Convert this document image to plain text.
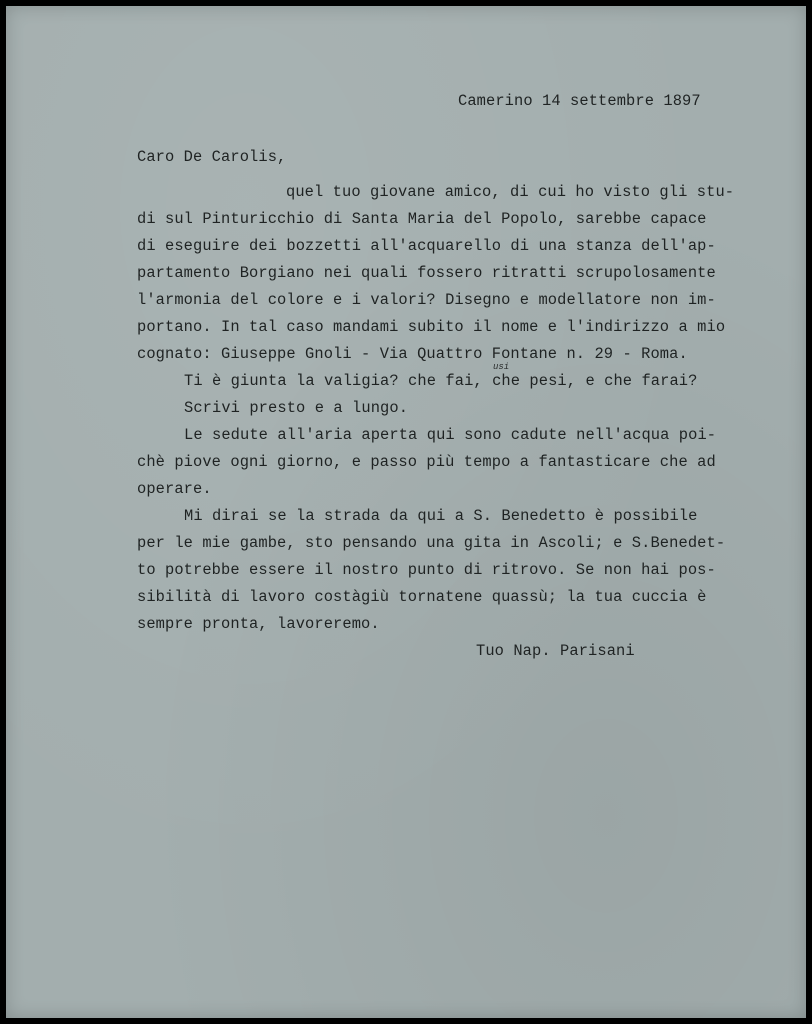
Camerino 14 settembre 1897

Caro De Carolis,

quel tuo giovane amico, di cui ho visto gli stu-

di sul Pinturicchio di Santa Maria del Popolo, sarebbe capace

di eseguire dei bozzetti all'acquarello di una stanza dell'ap-

partamento Borgiano nei quali fossero ritratti scrupolosamente

l'armonia del colore e i valori? Disegno e modellatore non im-

portano. In tal caso mandami subito il nome e l'indirizzo a mio

cognato: Giuseppe Gnoli - Via Quattro Fontane n. 29 - Roma.

usi

Ti è giunta la valigia? che fai, che pesi, e che farai?

Scrivi presto e a lungo.

Le sedute all'aria aperta qui sono cadute nell'acqua poi-

chè piove ogni giorno, e passo più tempo a fantasticare che ad

operare.

Mi dirai se la strada da qui a S. Benedetto è possibile

per le mie gambe, sto pensando una gita in Ascoli; e S.Benedet-

to potrebbe essere il nostro punto di ritrovo. Se non hai pos-

sibilità di lavoro costàgiù tornatene quassù; la tua cuccia è

sempre pronta, lavoreremo.

Tuo Nap. Parisani
